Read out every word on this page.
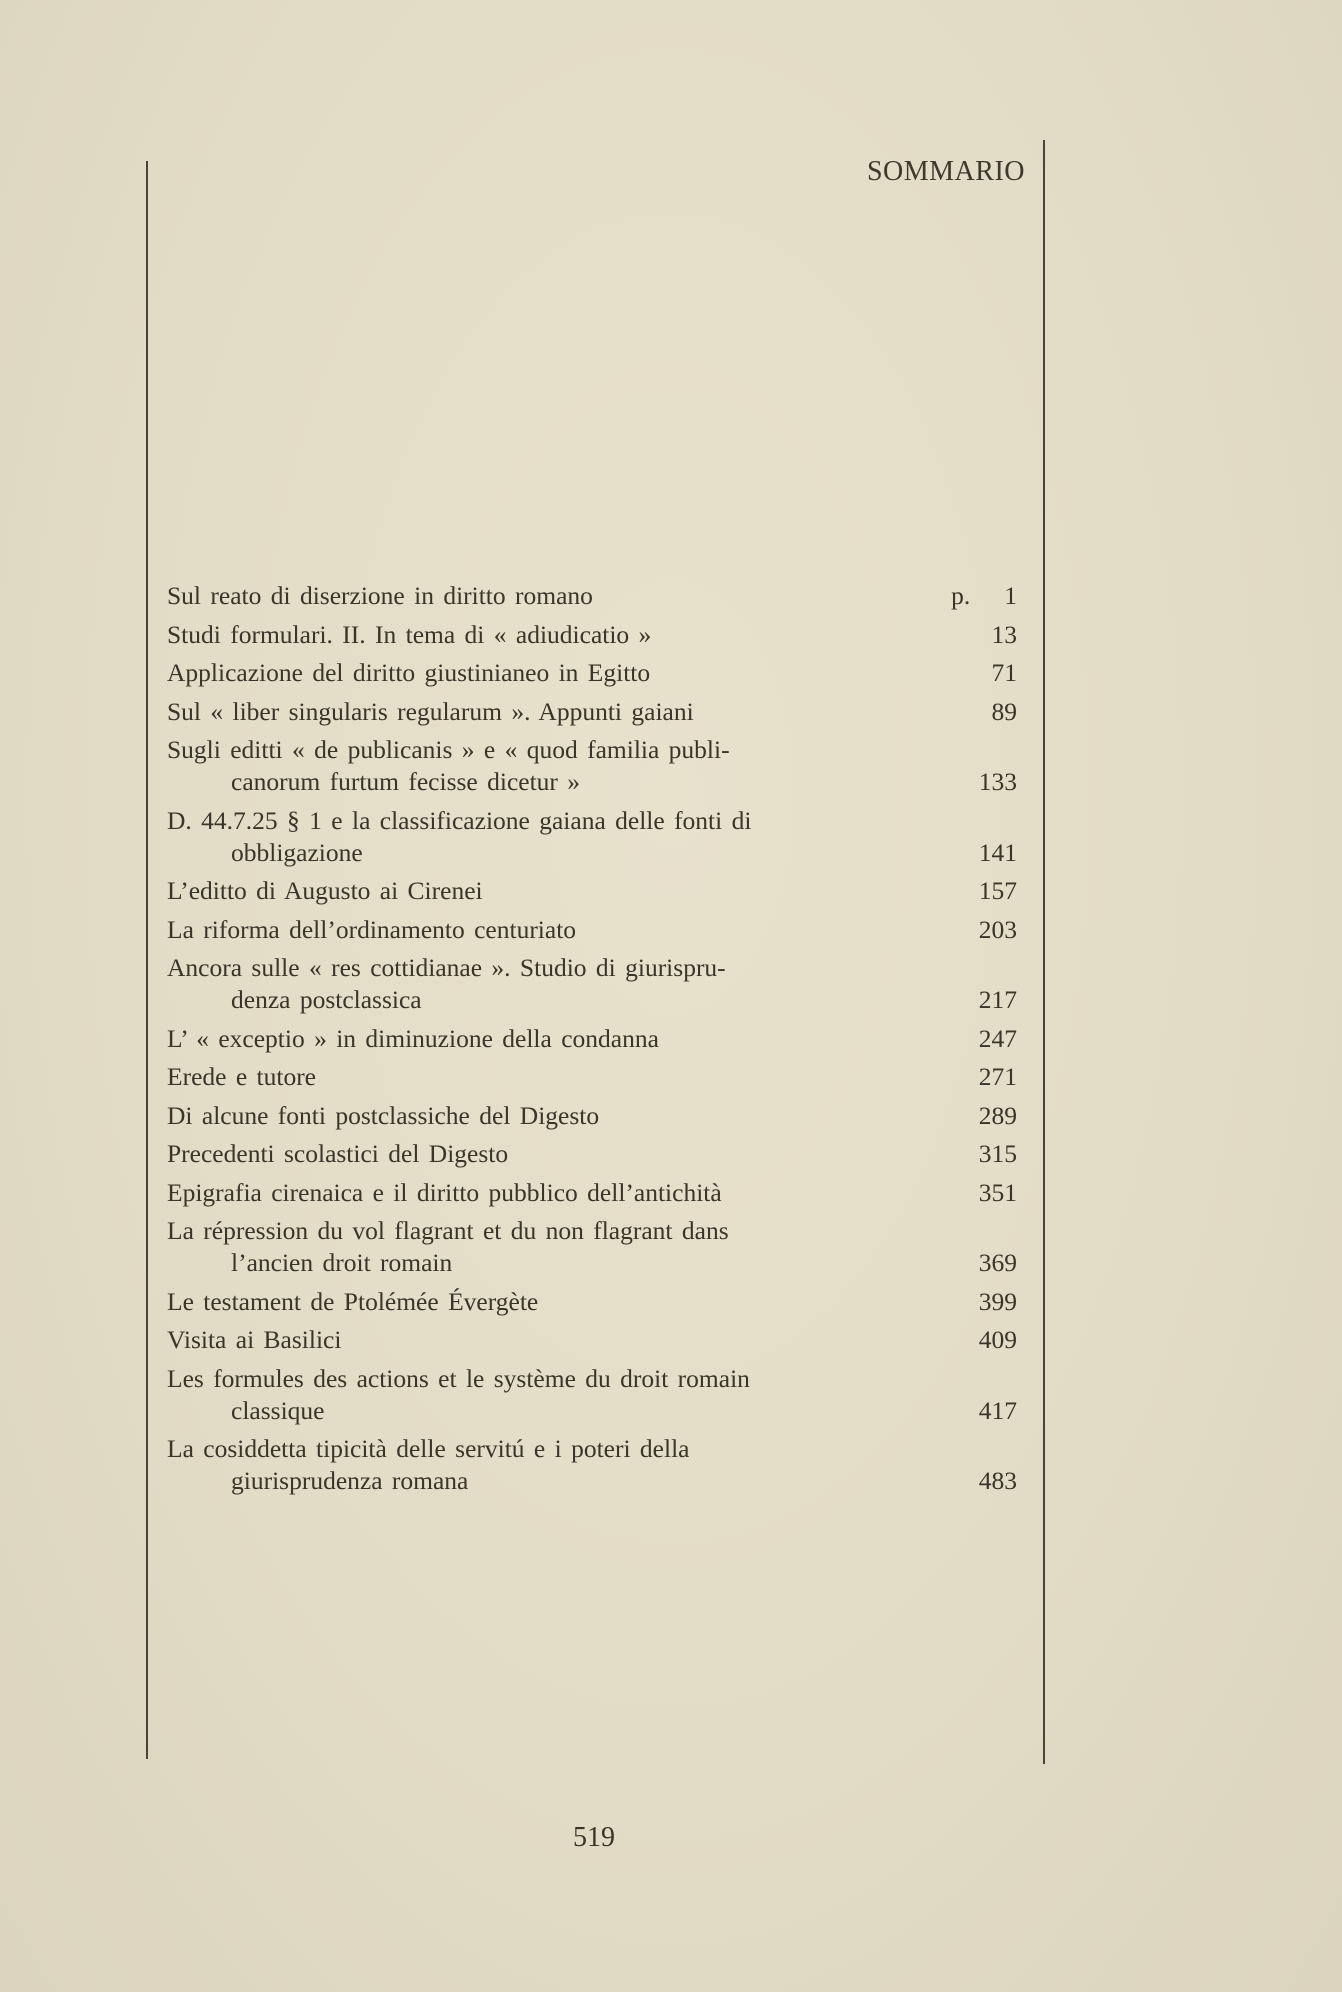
SOMMARIO
Sul reato di diserzione in diritto romano	p. 1
Studi formulari. II. In tema di « adiudicatio »	13
Applicazione del diritto giustinianeo in Egitto	71
Sul « liber singularis regularum ». Appunti gaiani	89
Sugli editti « de publicanis » e « quod familia publi-
canorum furtum fecisse dicetur »	133
D. 44.7.25 § 1 e la classificazione gaiana delle fonti di
obbligazione	141
L’editto di Augusto ai Cirenei	157
La riforma dell’ordinamento centuriato	203
Ancora sulle « res cottidianae ». Studio di giurispru-
denza postclassica	217
L’ « exceptio » in diminuzione della condanna	247
Erede e tutore	271
Di alcune fonti postclassiche del Digesto	289
Precedenti scolastici del Digesto	315
Epigrafia cirenaica e il diritto pubblico dell’antichità	351
La répression du vol flagrant et du non flagrant dans
l’ancien droit romain	369
Le testament de Ptolémée Évergète	399
Visita ai Basilici	409
Les formules des actions et le système du droit romain
classique	417
La cosiddetta tipicità delle servitú e i poteri della
giurisprudenza romana	483
519
